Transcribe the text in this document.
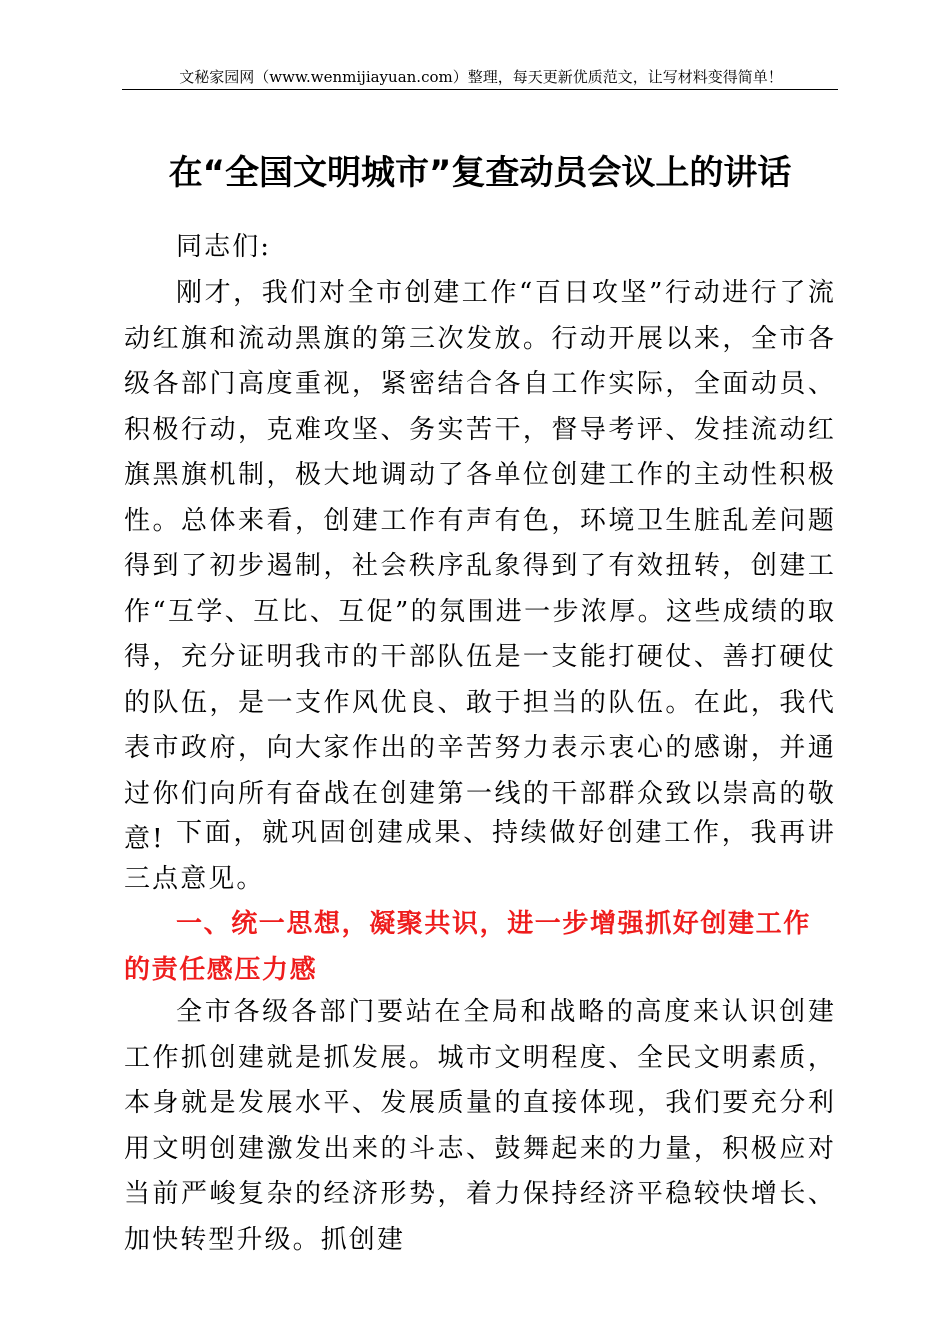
文秘家园网（www.wenmijiayuan.com）整理，每天更新优质范文，让写材料变得简单！
在“全国文明城市”复查动员会议上的讲话

同志们:

刚才，我们对全市创建工作“百日攻坚”行动进行了流动红旗和流动黑旗的第三次发放。行动开展以来，全市各级各部门高度重视，紧密结合各自工作实际，全面动员、积极行动，克难攻坚、务实苦干，督导考评、发挂流动红旗黑旗机制，极大地调动了各单位创建工作的主动性积极性。总体来看，创建工作有声有色，环境卫生脏乱差问题得到了初步遏制，社会秩序乱象得到了有效扭转，创建工作“互学、互比、互促”的氛围进一步浓厚。这些成绩的取得，充分证明我市的干部队伍是一支能打硬仗、善打硬仗的队伍，是一支作风优良、敢于担当的队伍。在此，我代表市政府，向大家作出的辛苦努力表示衷心的感谢，并通过你们向所有奋战在创建第一线的干部群众致以崇高的敬意! 下面，就巩固创建成果、持续做好创建工作，我再讲三点意见。

一、统一思想，凝聚共识，进一步增强抓好创建工作的责任感压力感

全市各级各部门要站在全局和战略的高度来认识创建工作抓创建就是抓发展。城市文明程度、全民文明素质，本身就是发展水平、发展质量的直接体现，我们要充分利用文明创建激发出来的斗志、鼓舞起来的力量，积极应对当前严峻复杂的经济形势，着力保持经济平稳较快增长、加快转型升级。抓创建
